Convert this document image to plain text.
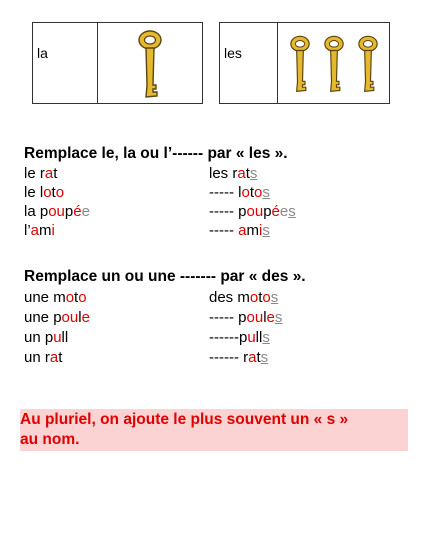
la	les
Remplace le, la ou l’------ par « les ».
le rat	les rats
le loto	----- lotos
la poupée	----- poupées
l’ami	----- amis
Remplace un ou une ------- par « des ».
une moto	des motos
une poule	----- poules
un pull	------pulls
un rat	------ rats
Au pluriel, on ajoute le plus souvent un « s »
au nom.
